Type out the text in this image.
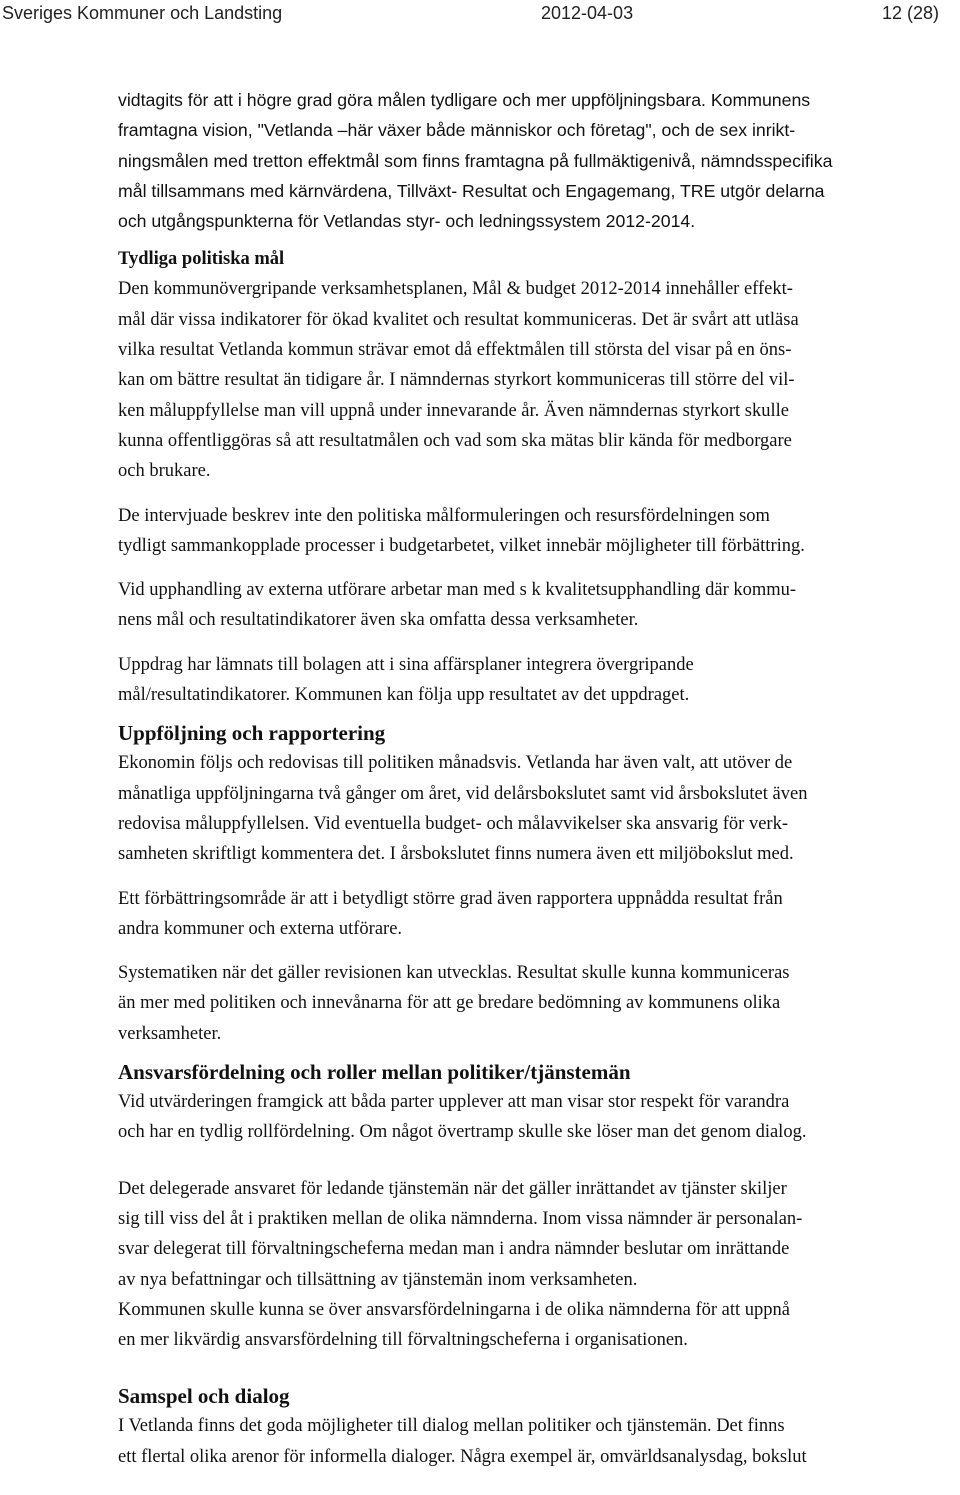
Sveriges Kommuner och Landsting	2012-04-03	12 (28)

vidtagits för att i högre grad göra målen tydligare och mer uppföljningsbara. Kommunens
framtagna vision, "Vetlanda –här växer både människor och företag", och de sex inrikt-
ningsmålen med tretton effektmål som finns framtagna på fullmäktigenivå, nämndsspecifika
mål tillsammans med kärnvärdena, Tillväxt- Resultat och Engagemang, TRE utgör delarna
och utgångspunkterna för Vetlandas styr- och ledningssystem 2012-2014.

Tydliga politiska mål

Den kommunövergripande verksamhetsplanen, Mål & budget 2012-2014 innehåller effekt-
mål där vissa indikatorer för ökad kvalitet och resultat kommuniceras. Det är svårt att utläsa
vilka resultat Vetlanda kommun strävar emot då effektmålen till största del visar på en öns-
kan om bättre resultat än tidigare år. I nämndernas styrkort kommuniceras till större del vil-
ken måluppfyllelse man vill uppnå under innevarande år. Även nämndernas styrkort skulle
kunna offentliggöras så att resultatmålen och vad som ska mätas blir kända för medborgare
och brukare.

De intervjuade beskrev inte den politiska målformuleringen och resursfördelningen som
tydligt sammankopplade processer i budgetarbetet, vilket innebär möjligheter till förbättring.

Vid upphandling av externa utförare arbetar man med s k kvalitetsupphandling där kommu-
nens mål och resultatindikatorer även ska omfatta dessa verksamheter.

Uppdrag har lämnats till bolagen att i sina affärsplaner integrera övergripande
mål/resultatindikatorer. Kommunen kan följa upp resultatet av det uppdraget.

Uppföljning och rapportering

Ekonomin följs och redovisas till politiken månadsvis. Vetlanda har även valt, att utöver de
månatliga uppföljningarna två gånger om året, vid delårsbokslutet samt vid årsbokslutet även
redovisa måluppfyllelsen. Vid eventuella budget- och målavvikelser ska ansvarig för verk-
samheten skriftligt kommentera det. I årsbokslutet finns numera även ett miljöbokslut med.

Ett förbättringsområde är att i betydligt större grad även rapportera uppnådda resultat från
andra kommuner och externa utförare.

Systematiken när det gäller revisionen kan utvecklas. Resultat skulle kunna kommuniceras
än mer med politiken och innevånarna för att ge bredare bedömning av kommunens olika
verksamheter.

Ansvarsfördelning och roller mellan politiker/tjänstemän

Vid utvärderingen framgick att båda parter upplever att man visar stor respekt för varandra
och har en tydlig rollfördelning. Om något övertramp skulle ske löser man det genom dialog.

Det delegerade ansvaret för ledande tjänstemän när det gäller inrättandet av tjänster skiljer
sig till viss del åt i praktiken mellan de olika nämnderna. Inom vissa nämnder är personalan-
svar delegerat till förvaltningscheferna medan man i andra nämnder beslutar om inrättande
av nya befattningar och tillsättning av tjänstemän inom verksamheten.

Kommunen skulle kunna se över ansvarsfördelningarna i de olika nämnderna för att uppnå
en mer likvärdig ansvarsfördelning till förvaltningscheferna i organisationen.

Samspel och dialog

I Vetlanda finns det goda möjligheter till dialog mellan politiker och tjänstemän. Det finns
ett flertal olika arenor för informella dialoger. Några exempel är, omvärldsanalysdag, bokslut
